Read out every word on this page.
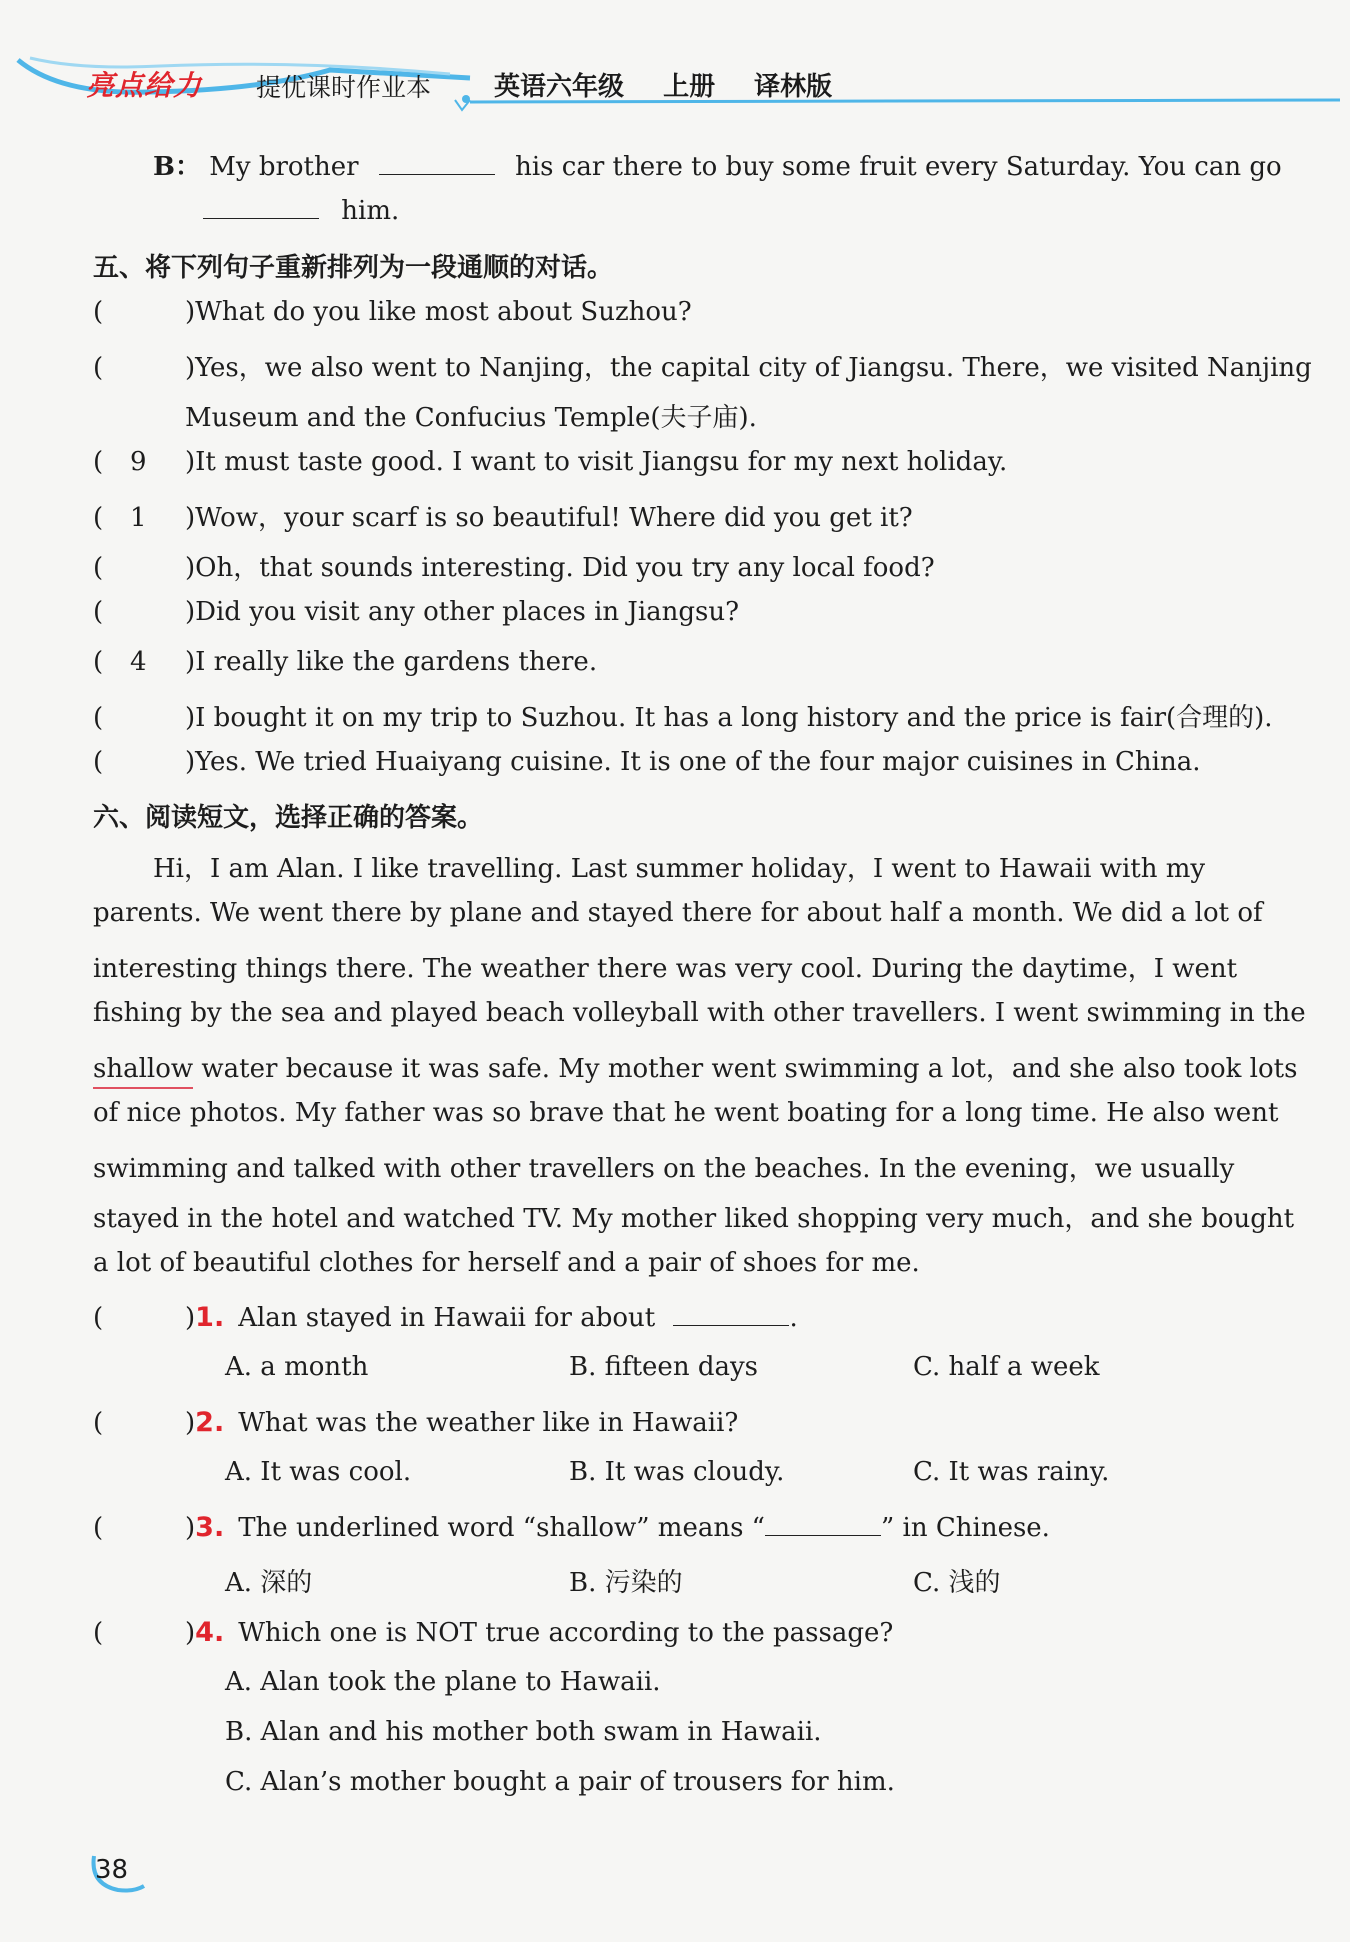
亮点给力 提优课时作业本 英语六年级 上册 译林版
B： My brother	his car there to buy some fruit every Saturday. You can go
him.
五、将下列句子重新排列为一段通顺的对话。
(	)What do you like most about Suzhou?
(	)Yes，we also went to Nanjing，the capital city of Jiangsu. There，we visited Nanjing
Museum and the Confucius Temple(夫子庙).
( 9 )It must taste good. I want to visit Jiangsu for my next holiday.
( 1 )Wow，your scarf is so beautiful! Where did you get it?
(	)Oh，that sounds interesting. Did you try any local food?
(	)Did you visit any other places in Jiangsu?
( 4 )I really like the gardens there.
(	)I bought it on my trip to Suzhou. It has a long history and the price is fair(合理的).
(	)Yes. We tried Huaiyang cuisine. It is one of the four major cuisines in China.
六、阅读短文，选择正确的答案。
Hi，I am Alan. I like travelling. Last summer holiday，I went to Hawaii with my
parents. We went there by plane and stayed there for about half a month. We did a lot of
interesting things there. The weather there was very cool. During the daytime，I went
fishing by the sea and played beach volleyball with other travellers. I went swimming in the
shallow water because it was safe. My mother went swimming a lot，and she also took lots
of nice photos. My father was so brave that he went boating for a long time. He also went
swimming and talked with other travellers on the beaches. In the evening，we usually
stayed in the hotel and watched TV. My mother liked shopping very much，and she bought
a lot of beautiful clothes for herself and a pair of shoes for me.
(	)1. Alan stayed in Hawaii for about	.
A. a month	B. fifteen days	C. half a week
(	)2. What was the weather like in Hawaii?
A. It was cool.	B. It was cloudy.	C. It was rainy.
(	)3. The underlined word “shallow” means “	” in Chinese.
A. 深的	B. 污染的	C. 浅的
(	)4. Which one is NOT true according to the passage?
A. Alan took the plane to Hawaii.
B. Alan and his mother both swam in Hawaii.
C. Alan’s mother bought a pair of trousers for him.
38
